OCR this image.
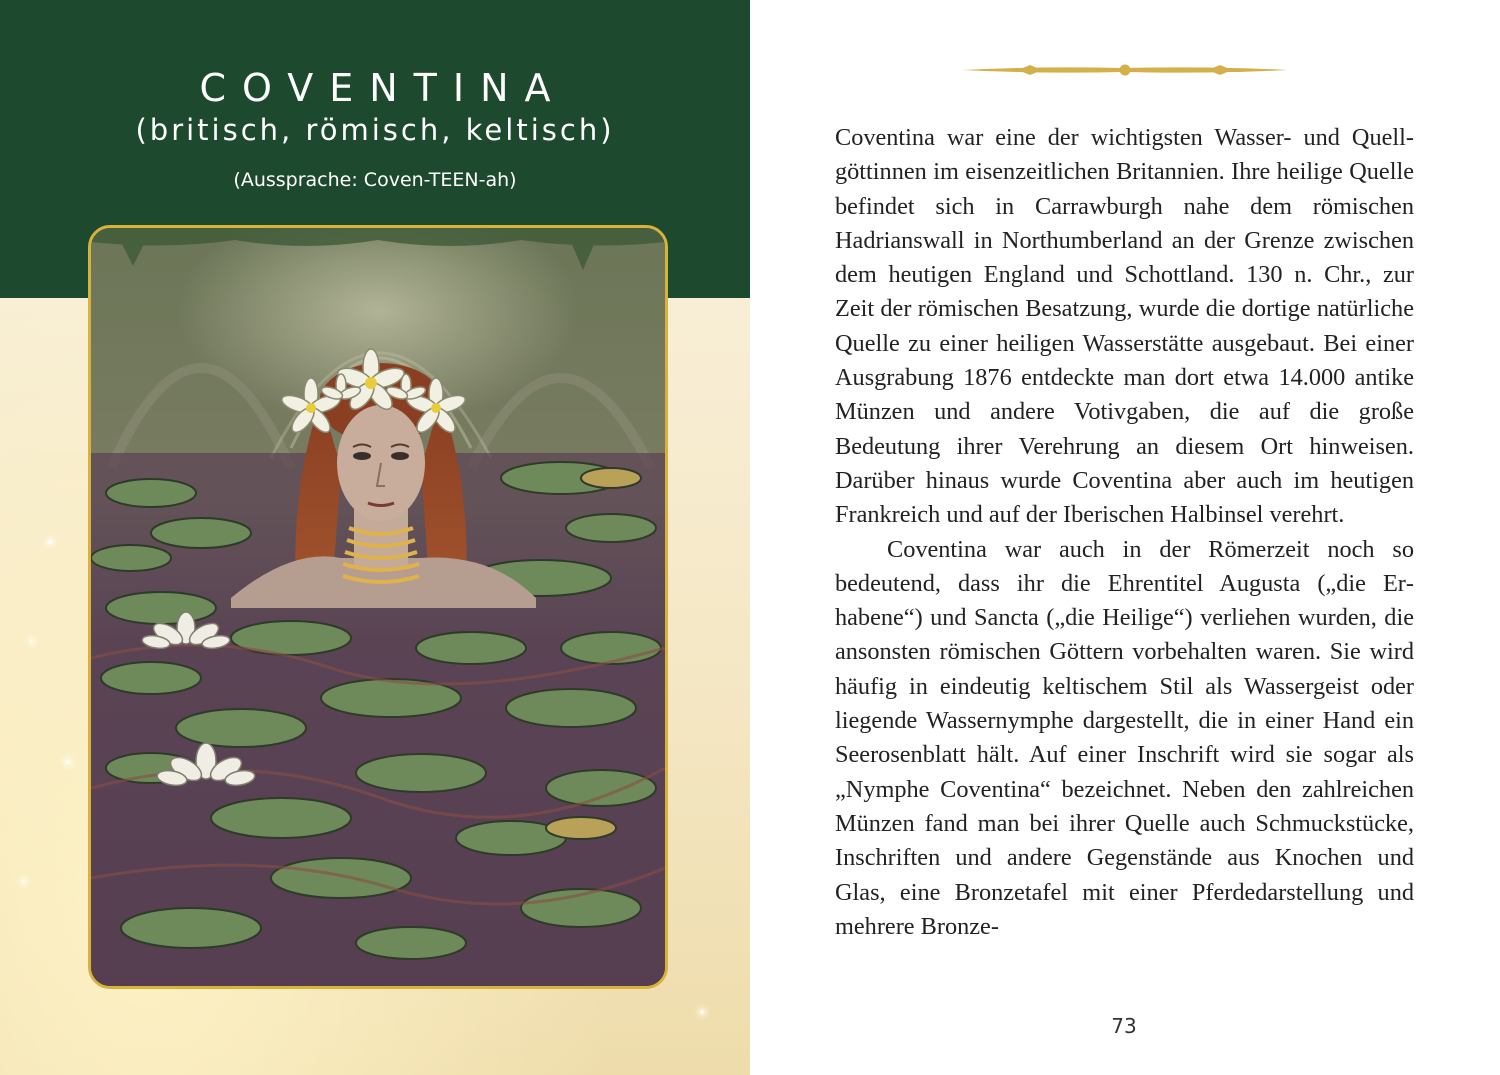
COVENTINA
(britisch, römisch, keltisch)
(Aussprache: Coven-TEEN-ah)

Coventina war eine der wichtigsten Wasser- und Quellgöttinnen im eisenzeitlichen Britannien. Ihre heilige Quelle befindet sich in Carrawburgh nahe dem römischen Hadrianswall in Northumberland an der Grenze zwischen dem heutigen England und Schottland. 130 n. Chr., zur Zeit der römischen Besatzung, wurde die dortige natürliche Quelle zu einer heiligen Wasserstätte ausgebaut. Bei einer Ausgrabung 1876 entdeckte man dort etwa 14.000 antike Münzen und andere Votivgaben, die auf die große Bedeutung ihrer Verehrung an diesem Ort hinweisen. Darüber hinaus wurde Coventina aber auch im heutigen Frankreich und auf der Iberischen Halbinsel verehrt.

Coventina war auch in der Römerzeit noch so bedeutend, dass ihr die Ehrentitel Augusta („die Erhabene“) und Sancta („die Heilige“) verliehen wurden, die ansonsten römischen Göttern vorbehalten waren. Sie wird häufig in eindeutig keltischem Stil als Wassergeist oder liegende Wassernymphe dargestellt, die in einer Hand ein Seerosenblatt hält. Auf einer Inschrift wird sie sogar als „Nymphe Coventina“ bezeichnet. Neben den zahlreichen Münzen fand man bei ihrer Quelle auch Schmuckstücke, Inschriften und andere Gegenstände aus Knochen und Glas, eine Bronzetafel mit einer Pferdedarstellung und mehrere Bronze-

73
